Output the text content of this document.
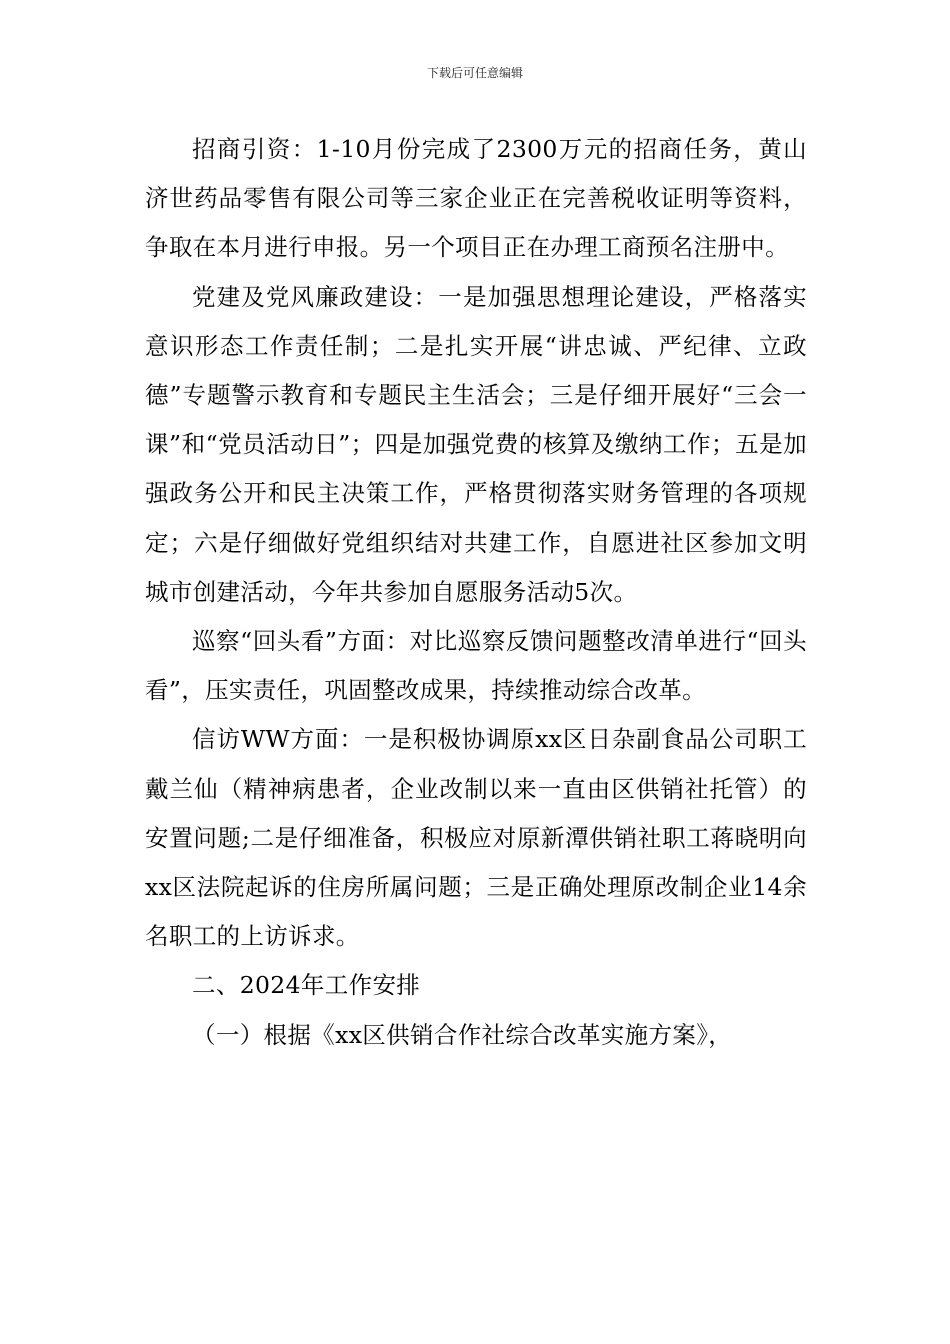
下载后可任意编辑

招商引资：1-10月份完成了2300万元的招商任务，黄山济世药品零售有限公司等三家企业正在完善税收证明等资料，争取在本月进行申报。另一个项目正在办理工商预名注册中。

党建及党风廉政建设：一是加强思想理论建设，严格落实意识形态工作责任制；二是扎实开展“讲忠诚、严纪律、立政德”专题警示教育和专题民主生活会；三是仔细开展好“三会一课”和“党员活动日”；四是加强党费的核算及缴纳工作；五是加强政务公开和民主决策工作，严格贯彻落实财务管理的各项规定；六是仔细做好党组织结对共建工作，自愿进社区参加文明城市创建活动，今年共参加自愿服务活动5次。

巡察“回头看”方面：对比巡察反馈问题整改清单进行“回头看”，压实责任，巩固整改成果，持续推动综合改革。

信访WW方面：一是积极协调原xx区日杂副食品公司职工戴兰仙（精神病患者，企业改制以来一直由区供销社托管）的安置问题;二是仔细准备，积极应对原新潭供销社职工蒋晓明向xx区法院起诉的住房所属问题；三是正确处理原改制企业14余名职工的上访诉求。

二、2024年工作安排

（一）根据《xx区供销合作社综合改革实施方案》，
